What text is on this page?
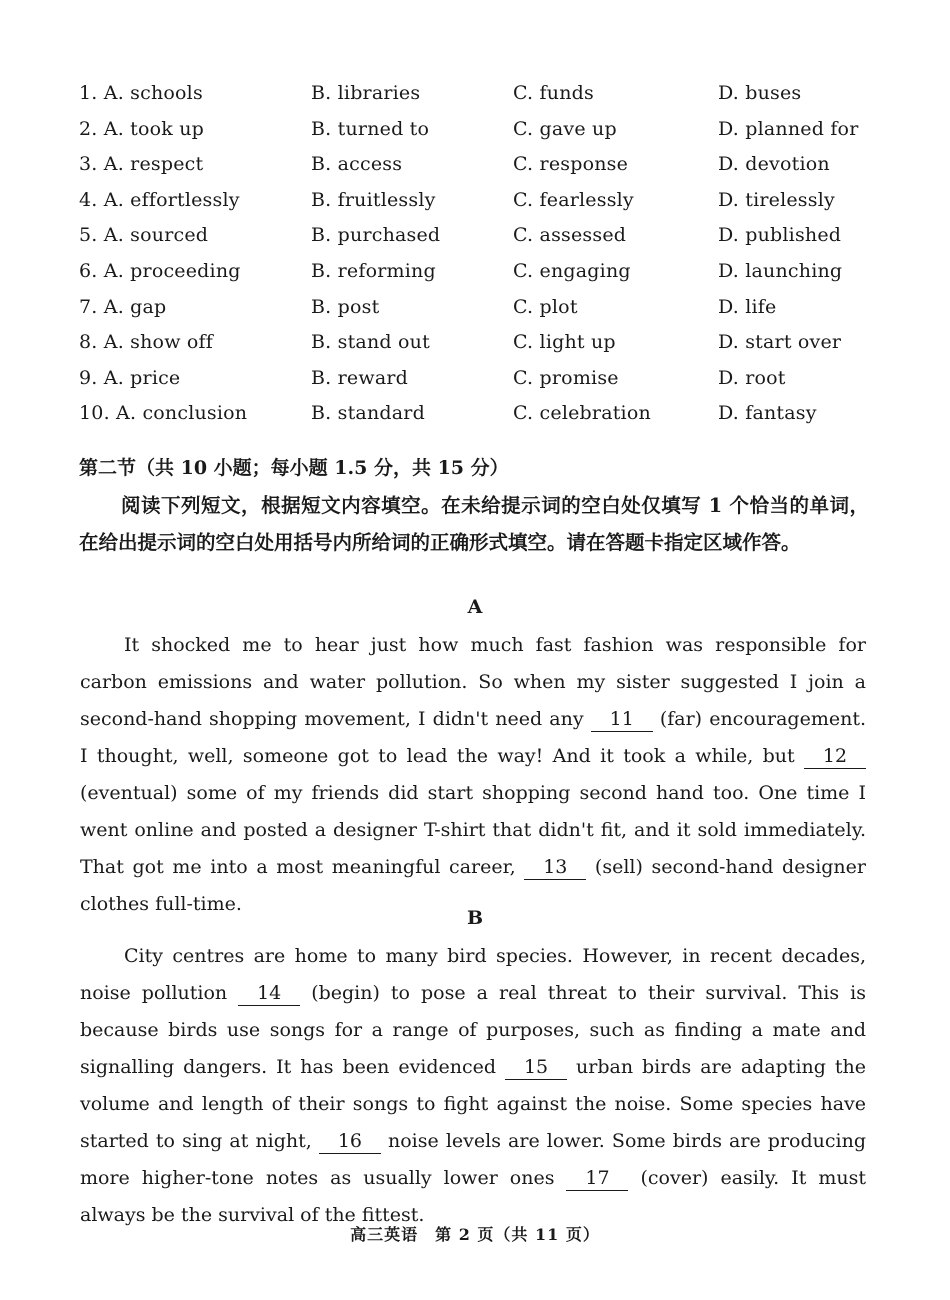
1. A. schools	B. libraries	C. funds	D. buses
2. A. took up	B. turned to	C. gave up	D. planned for
3. A. respect	B. access	C. response	D. devotion
4. A. effortlessly	B. fruitlessly	C. fearlessly	D. tirelessly
5. A. sourced	B. purchased	C. assessed	D. published
6. A. proceeding	B. reforming	C. engaging	D. launching
7. A. gap	B. post	C. plot	D. life
8. A. show off	B. stand out	C. light up	D. start over
9. A. price	B. reward	C. promise	D. root
10. A. conclusion	B. standard	C. celebration	D. fantasy
第二节（共 10 小题；每小题 1.5 分，共 15 分）
阅读下列短文，根据短文内容填空。在未给提示词的空白处仅填写 1 个恰当的单词，在给出提示词的空白处用括号内所给词的正确形式填空。请在答题卡指定区域作答。
A
It shocked me to hear just how much fast fashion was responsible for carbon emissions and water pollution. So when my sister suggested I join a second-hand shopping movement, I didn't need any 11 (far) encouragement. I thought, well, someone got to lead the way! And it took a while, but 12 (eventual) some of my friends did start shopping second hand too. One time I went online and posted a designer T-shirt that didn't fit, and it sold immediately. That got me into a most meaningful career, 13 (sell) second-hand designer clothes full-time.
B
City centres are home to many bird species. However, in recent decades, noise pollution 14 (begin) to pose a real threat to their survival. This is because birds use songs for a range of purposes, such as finding a mate and signalling dangers. It has been evidenced 15 urban birds are adapting the volume and length of their songs to fight against the noise. Some species have started to sing at night, 16 noise levels are lower. Some birds are producing more higher-tone notes as usually lower ones 17 (cover) easily. It must always be the survival of the fittest.
高三英语　第 2 页（共 11 页）
